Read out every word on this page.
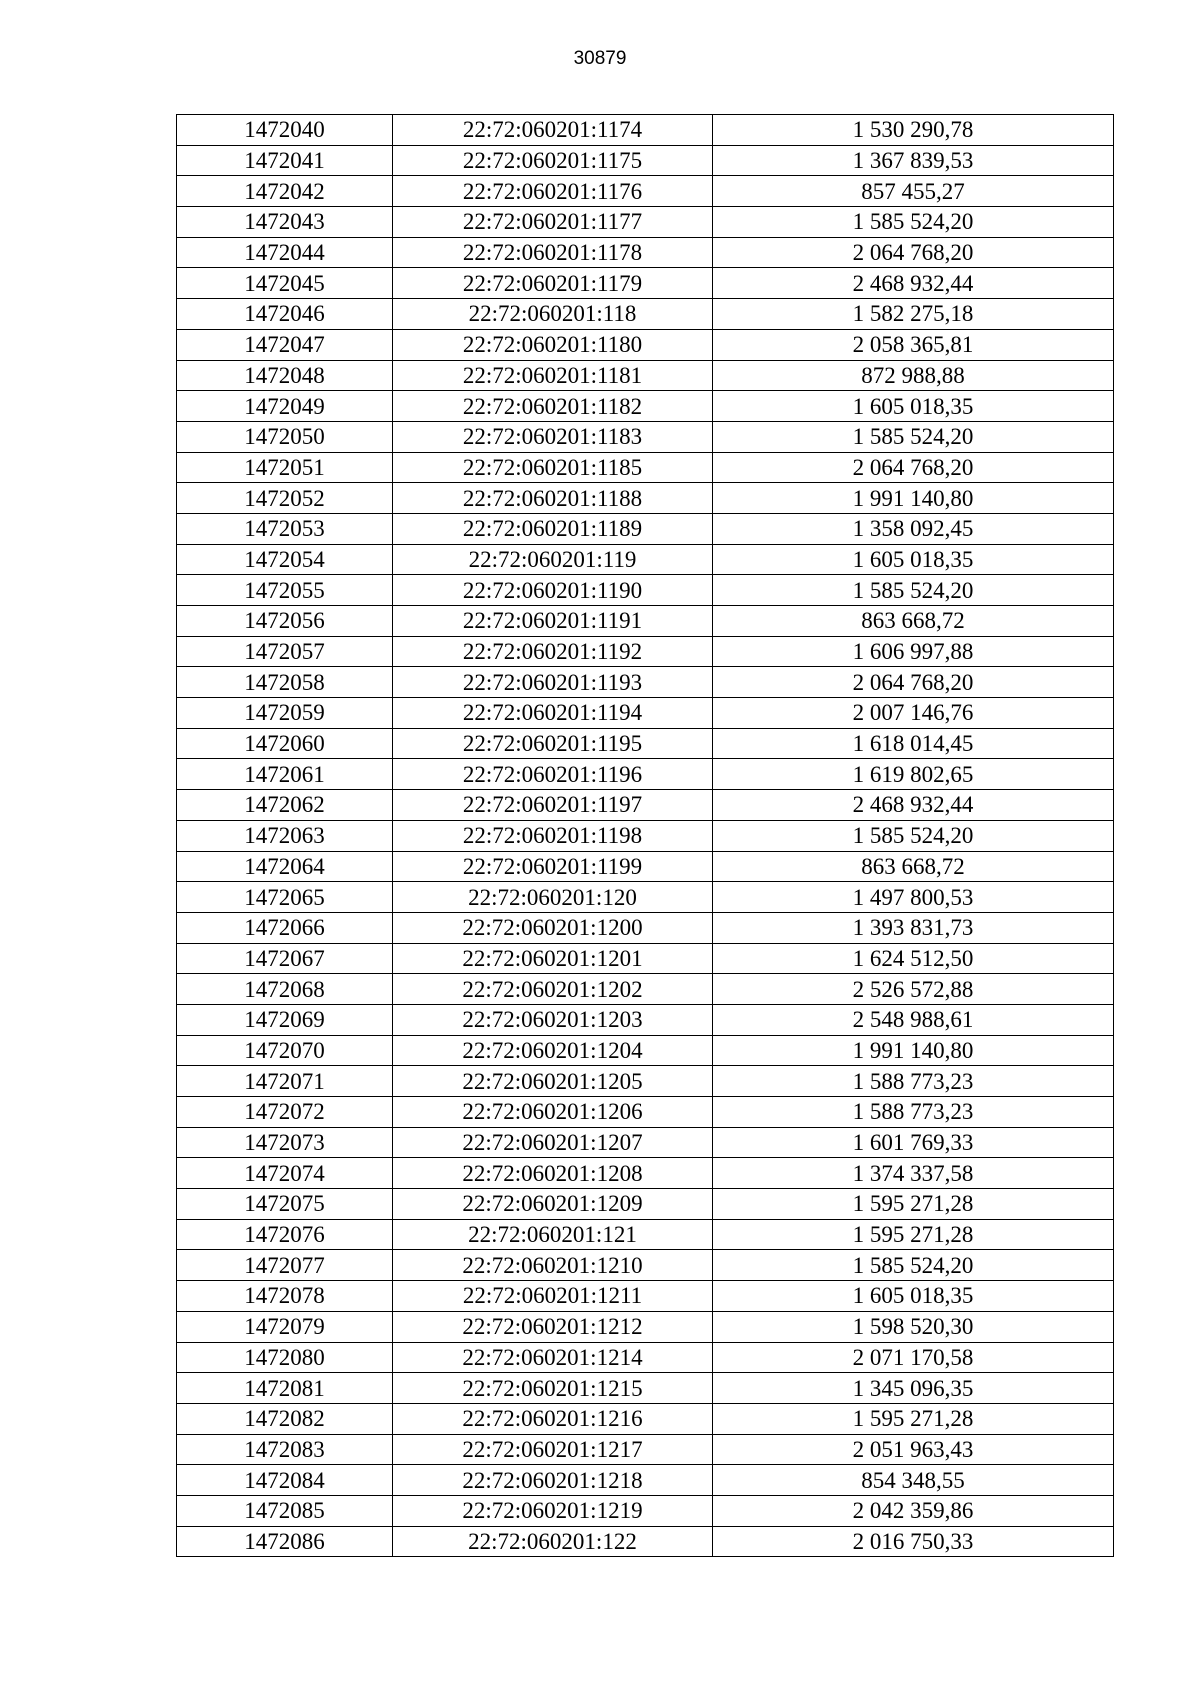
30879
1472040	22:72:060201:1174	1 530 290,78
1472041	22:72:060201:1175	1 367 839,53
1472042	22:72:060201:1176	857 455,27
1472043	22:72:060201:1177	1 585 524,20
1472044	22:72:060201:1178	2 064 768,20
1472045	22:72:060201:1179	2 468 932,44
1472046	22:72:060201:118	1 582 275,18
1472047	22:72:060201:1180	2 058 365,81
1472048	22:72:060201:1181	872 988,88
1472049	22:72:060201:1182	1 605 018,35
1472050	22:72:060201:1183	1 585 524,20
1472051	22:72:060201:1185	2 064 768,20
1472052	22:72:060201:1188	1 991 140,80
1472053	22:72:060201:1189	1 358 092,45
1472054	22:72:060201:119	1 605 018,35
1472055	22:72:060201:1190	1 585 524,20
1472056	22:72:060201:1191	863 668,72
1472057	22:72:060201:1192	1 606 997,88
1472058	22:72:060201:1193	2 064 768,20
1472059	22:72:060201:1194	2 007 146,76
1472060	22:72:060201:1195	1 618 014,45
1472061	22:72:060201:1196	1 619 802,65
1472062	22:72:060201:1197	2 468 932,44
1472063	22:72:060201:1198	1 585 524,20
1472064	22:72:060201:1199	863 668,72
1472065	22:72:060201:120	1 497 800,53
1472066	22:72:060201:1200	1 393 831,73
1472067	22:72:060201:1201	1 624 512,50
1472068	22:72:060201:1202	2 526 572,88
1472069	22:72:060201:1203	2 548 988,61
1472070	22:72:060201:1204	1 991 140,80
1472071	22:72:060201:1205	1 588 773,23
1472072	22:72:060201:1206	1 588 773,23
1472073	22:72:060201:1207	1 601 769,33
1472074	22:72:060201:1208	1 374 337,58
1472075	22:72:060201:1209	1 595 271,28
1472076	22:72:060201:121	1 595 271,28
1472077	22:72:060201:1210	1 585 524,20
1472078	22:72:060201:1211	1 605 018,35
1472079	22:72:060201:1212	1 598 520,30
1472080	22:72:060201:1214	2 071 170,58
1472081	22:72:060201:1215	1 345 096,35
1472082	22:72:060201:1216	1 595 271,28
1472083	22:72:060201:1217	2 051 963,43
1472084	22:72:060201:1218	854 348,55
1472085	22:72:060201:1219	2 042 359,86
1472086	22:72:060201:122	2 016 750,33
